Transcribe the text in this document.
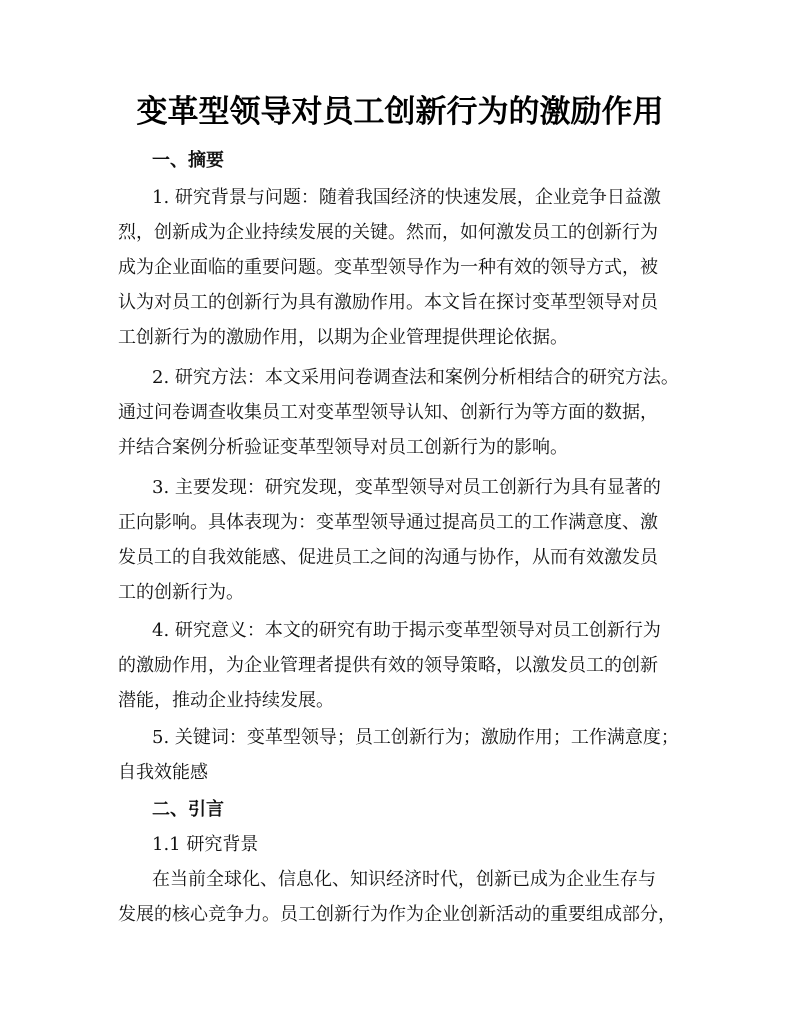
变革型领导对员工创新行为的激励作用
一、摘要
1. 研究背景与问题：随着我国经济的快速发展，企业竞争日益激
烈，创新成为企业持续发展的关键。然而，如何激发员工的创新行为
成为企业面临的重要问题。变革型领导作为一种有效的领导方式，被
认为对员工的创新行为具有激励作用。本文旨在探讨变革型领导对员
工创新行为的激励作用，以期为企业管理提供理论依据。
2. 研究方法：本文采用问卷调查法和案例分析相结合的研究方法。
通过问卷调查收集员工对变革型领导认知、创新行为等方面的数据，
并结合案例分析验证变革型领导对员工创新行为的影响。
3. 主要发现：研究发现，变革型领导对员工创新行为具有显著的
正向影响。具体表现为：变革型领导通过提高员工的工作满意度、激
发员工的自我效能感、促进员工之间的沟通与协作，从而有效激发员
工的创新行为。
4. 研究意义：本文的研究有助于揭示变革型领导对员工创新行为
的激励作用，为企业管理者提供有效的领导策略，以激发员工的创新
潜能，推动企业持续发展。
5. 关键词：变革型领导；员工创新行为；激励作用；工作满意度；
自我效能感
二、引言
1.1 研究背景
在当前全球化、信息化、知识经济时代，创新已成为企业生存与
发展的核心竞争力。员工创新行为作为企业创新活动的重要组成部分，
